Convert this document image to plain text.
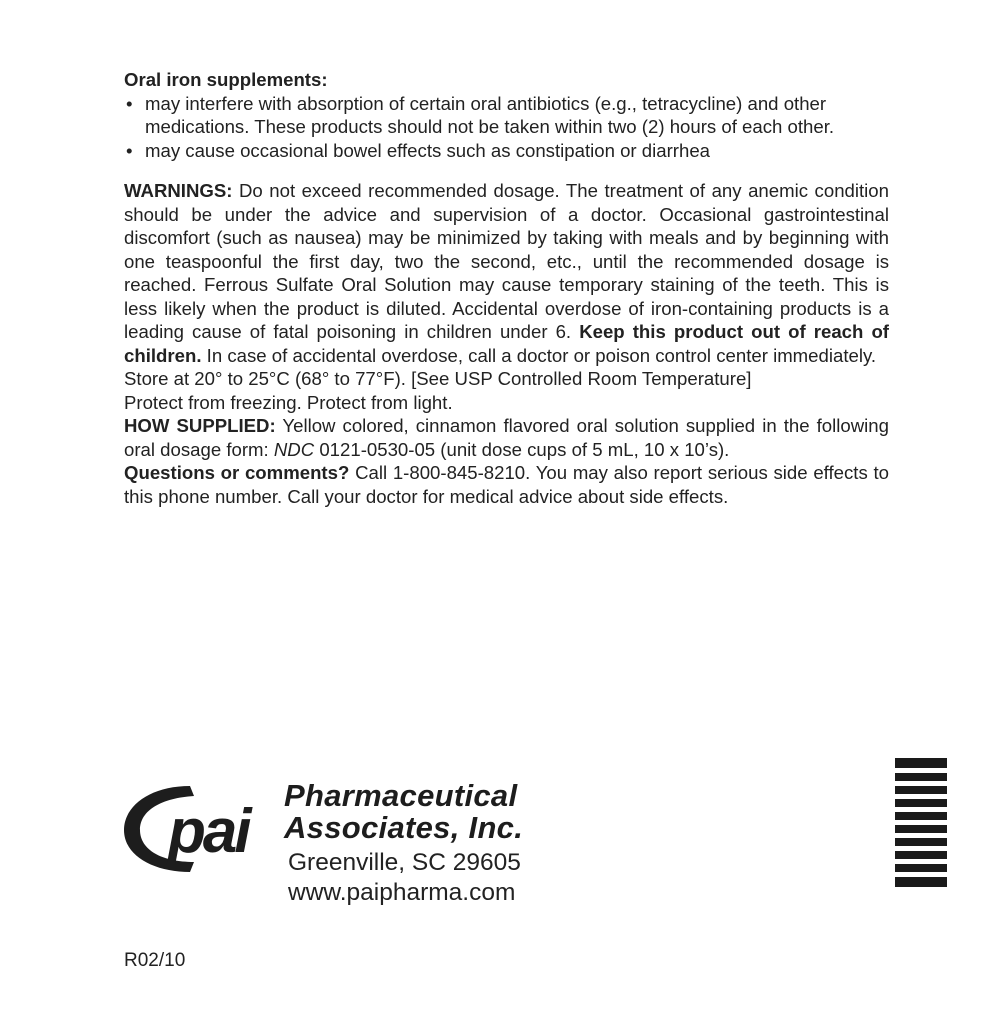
Oral iron supplements:

• may interfere with absorption of certain oral antibiotics (e.g., tetracycline) and other medications. These products should not be taken within two (2) hours of each other.
• may cause occasional bowel effects such as constipation or diarrhea

WARNINGS: Do not exceed recommended dosage. The treatment of any anemic condition should be under the advice and supervision of a doctor. Occasional gastrointestinal discomfort (such as nausea) may be minimized by taking with meals and by beginning with one teaspoonful the first day, two the second, etc., until the recommended dosage is reached. Ferrous Sulfate Oral Solution may cause temporary staining of the teeth. This is less likely when the product is diluted. Accidental overdose of iron-containing products is a leading cause of fatal poisoning in children under 6. Keep this product out of reach of children. In case of accidental overdose, call a doctor or poison control center immediately.

Store at 20° to 25°C (68° to 77°F). [See USP Controlled Room Temperature]

Protect from freezing. Protect from light.

HOW SUPPLIED: Yellow colored, cinnamon flavored oral solution supplied in the following oral dosage form: NDC 0121-0530-05 (unit dose cups of 5 mL, 10 x 10’s).

Questions or comments? Call 1-800-845-8210. You may also report serious side effects to this phone number. Call your doctor for medical advice about side effects.

pai
Pharmaceutical
Associates, Inc.
Greenville, SC 29605
www.paipharma.com
R02/10
